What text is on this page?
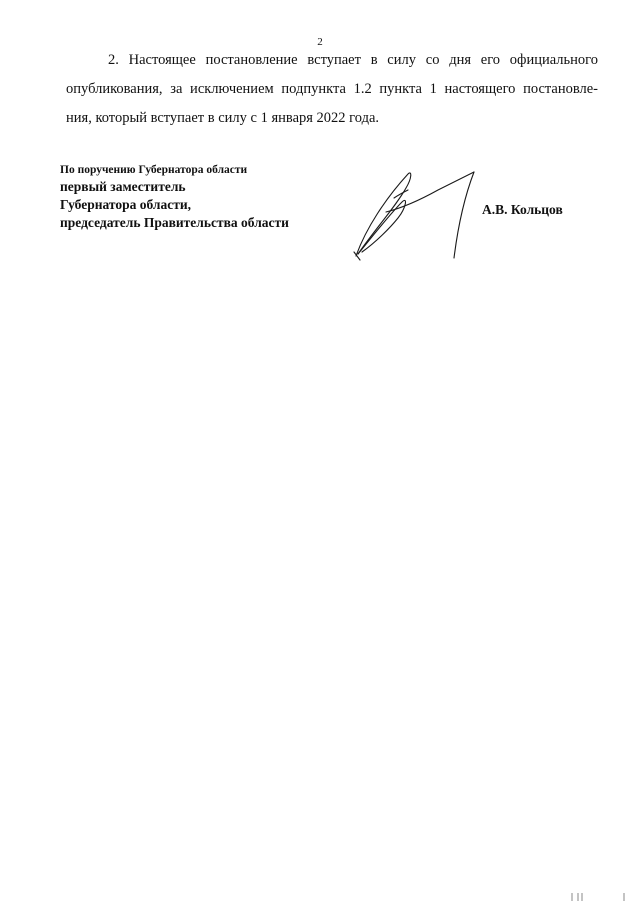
2

2. Настоящее постановление вступает в силу со дня его официального
опубликования, за исключением подпункта 1.2 пункта 1 настоящего постановле-
ния, который вступает в силу с 1 января 2022 года.

По поручению Губернатора области
первый заместитель
Губернатора области,
председатель Правительства области
А.В. Кольцов
